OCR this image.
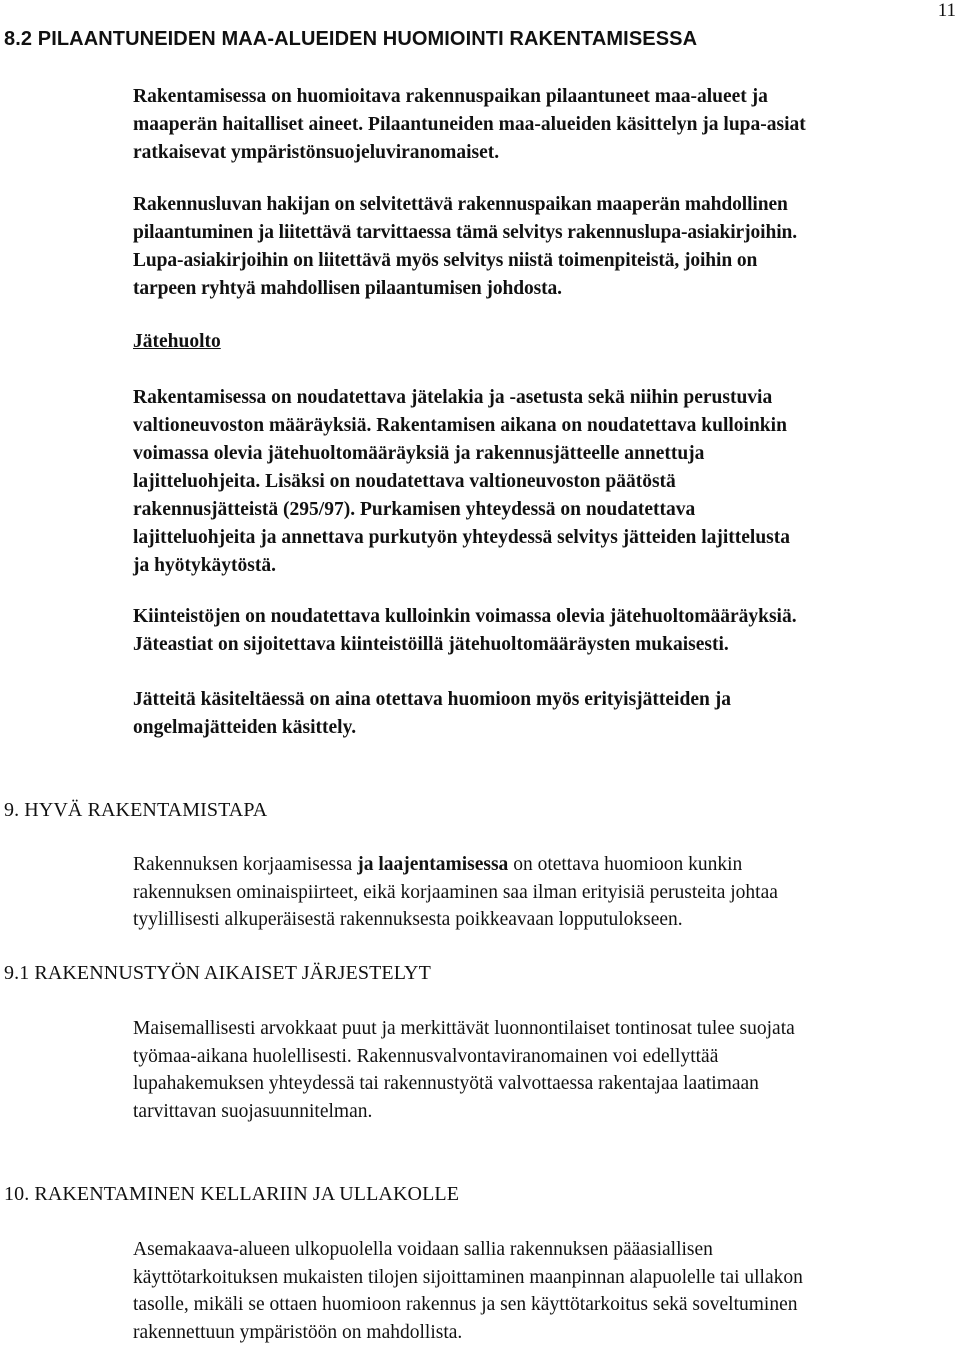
11
8.2 PILAANTUNEIDEN MAA-ALUEIDEN HUOMIOINTI RAKENTAMISESSA
Rakentamisessa on huomioitava rakennuspaikan pilaantuneet maa-alueet ja
maaperän haitalliset aineet. Pilaantuneiden maa-alueiden käsittelyn ja lupa-asiat
ratkaisevat ympäristönsuojeluviranomaiset.
Rakennusluvan hakijan on selvitettävä rakennuspaikan maaperän mahdollinen
pilaantuminen ja liitettävä tarvittaessa tämä selvitys rakennuslupa-asiakirjoihin.
Lupa-asiakirjoihin on liitettävä myös selvitys niistä toimenpiteistä, joihin on
tarpeen ryhtyä mahdollisen pilaantumisen johdosta.
Jätehuolto
Rakentamisessa on noudatettava jätelakia ja -asetusta sekä niihin perustuvia
valtioneuvoston määräyksiä. Rakentamisen aikana on noudatettava kulloinkin
voimassa olevia jätehuoltomääräyksiä ja rakennusjätteelle annettuja
lajitteluohjeita. Lisäksi on noudatettava valtioneuvoston päätöstä
rakennusjätteistä (295/97). Purkamisen yhteydessä on noudatettava
lajitteluohjeita ja annettava purkutyön yhteydessä selvitys jätteiden lajittelusta
ja hyötykäytöstä.
Kiinteistöjen on noudatettava kulloinkin voimassa olevia jätehuoltomääräyksiä.
Jäteastiat on sijoitettava kiinteistöillä jätehuoltomääräysten mukaisesti.
Jätteitä käsiteltäessä on aina otettava huomioon myös erityisjätteiden ja
ongelmajätteiden käsittely.
9. HYVÄ RAKENTAMISTAPA
Rakennuksen korjaamisessa ja laajentamisessa on otettava huomioon kunkin
rakennuksen ominaispiirteet, eikä korjaaminen saa ilman erityisiä perusteita johtaa
tyylillisesti alkuperäisestä rakennuksesta poikkeavaan lopputulokseen.
9.1 RAKENNUSTYÖN AIKAISET JÄRJESTELYT
Maisemallisesti arvokkaat puut ja merkittävät luonnontilaiset tontinosat tulee suojata
työmaa-aikana huolellisesti. Rakennusvalvontaviranomainen voi edellyttää
lupahakemuksen yhteydessä tai rakennustyötä valvottaessa rakentajaa laatimaan
tarvittavan suojasuunnitelman.
10. RAKENTAMINEN KELLARIIN JA ULLAKOLLE
Asemakaava-alueen ulkopuolella voidaan sallia rakennuksen pääasiallisen
käyttötarkoituksen mukaisten tilojen sijoittaminen maanpinnan alapuolelle tai ullakon
tasolle, mikäli se ottaen huomioon rakennus ja sen käyttötarkoitus sekä soveltuminen
rakennettuun ympäristöön on mahdollista.
